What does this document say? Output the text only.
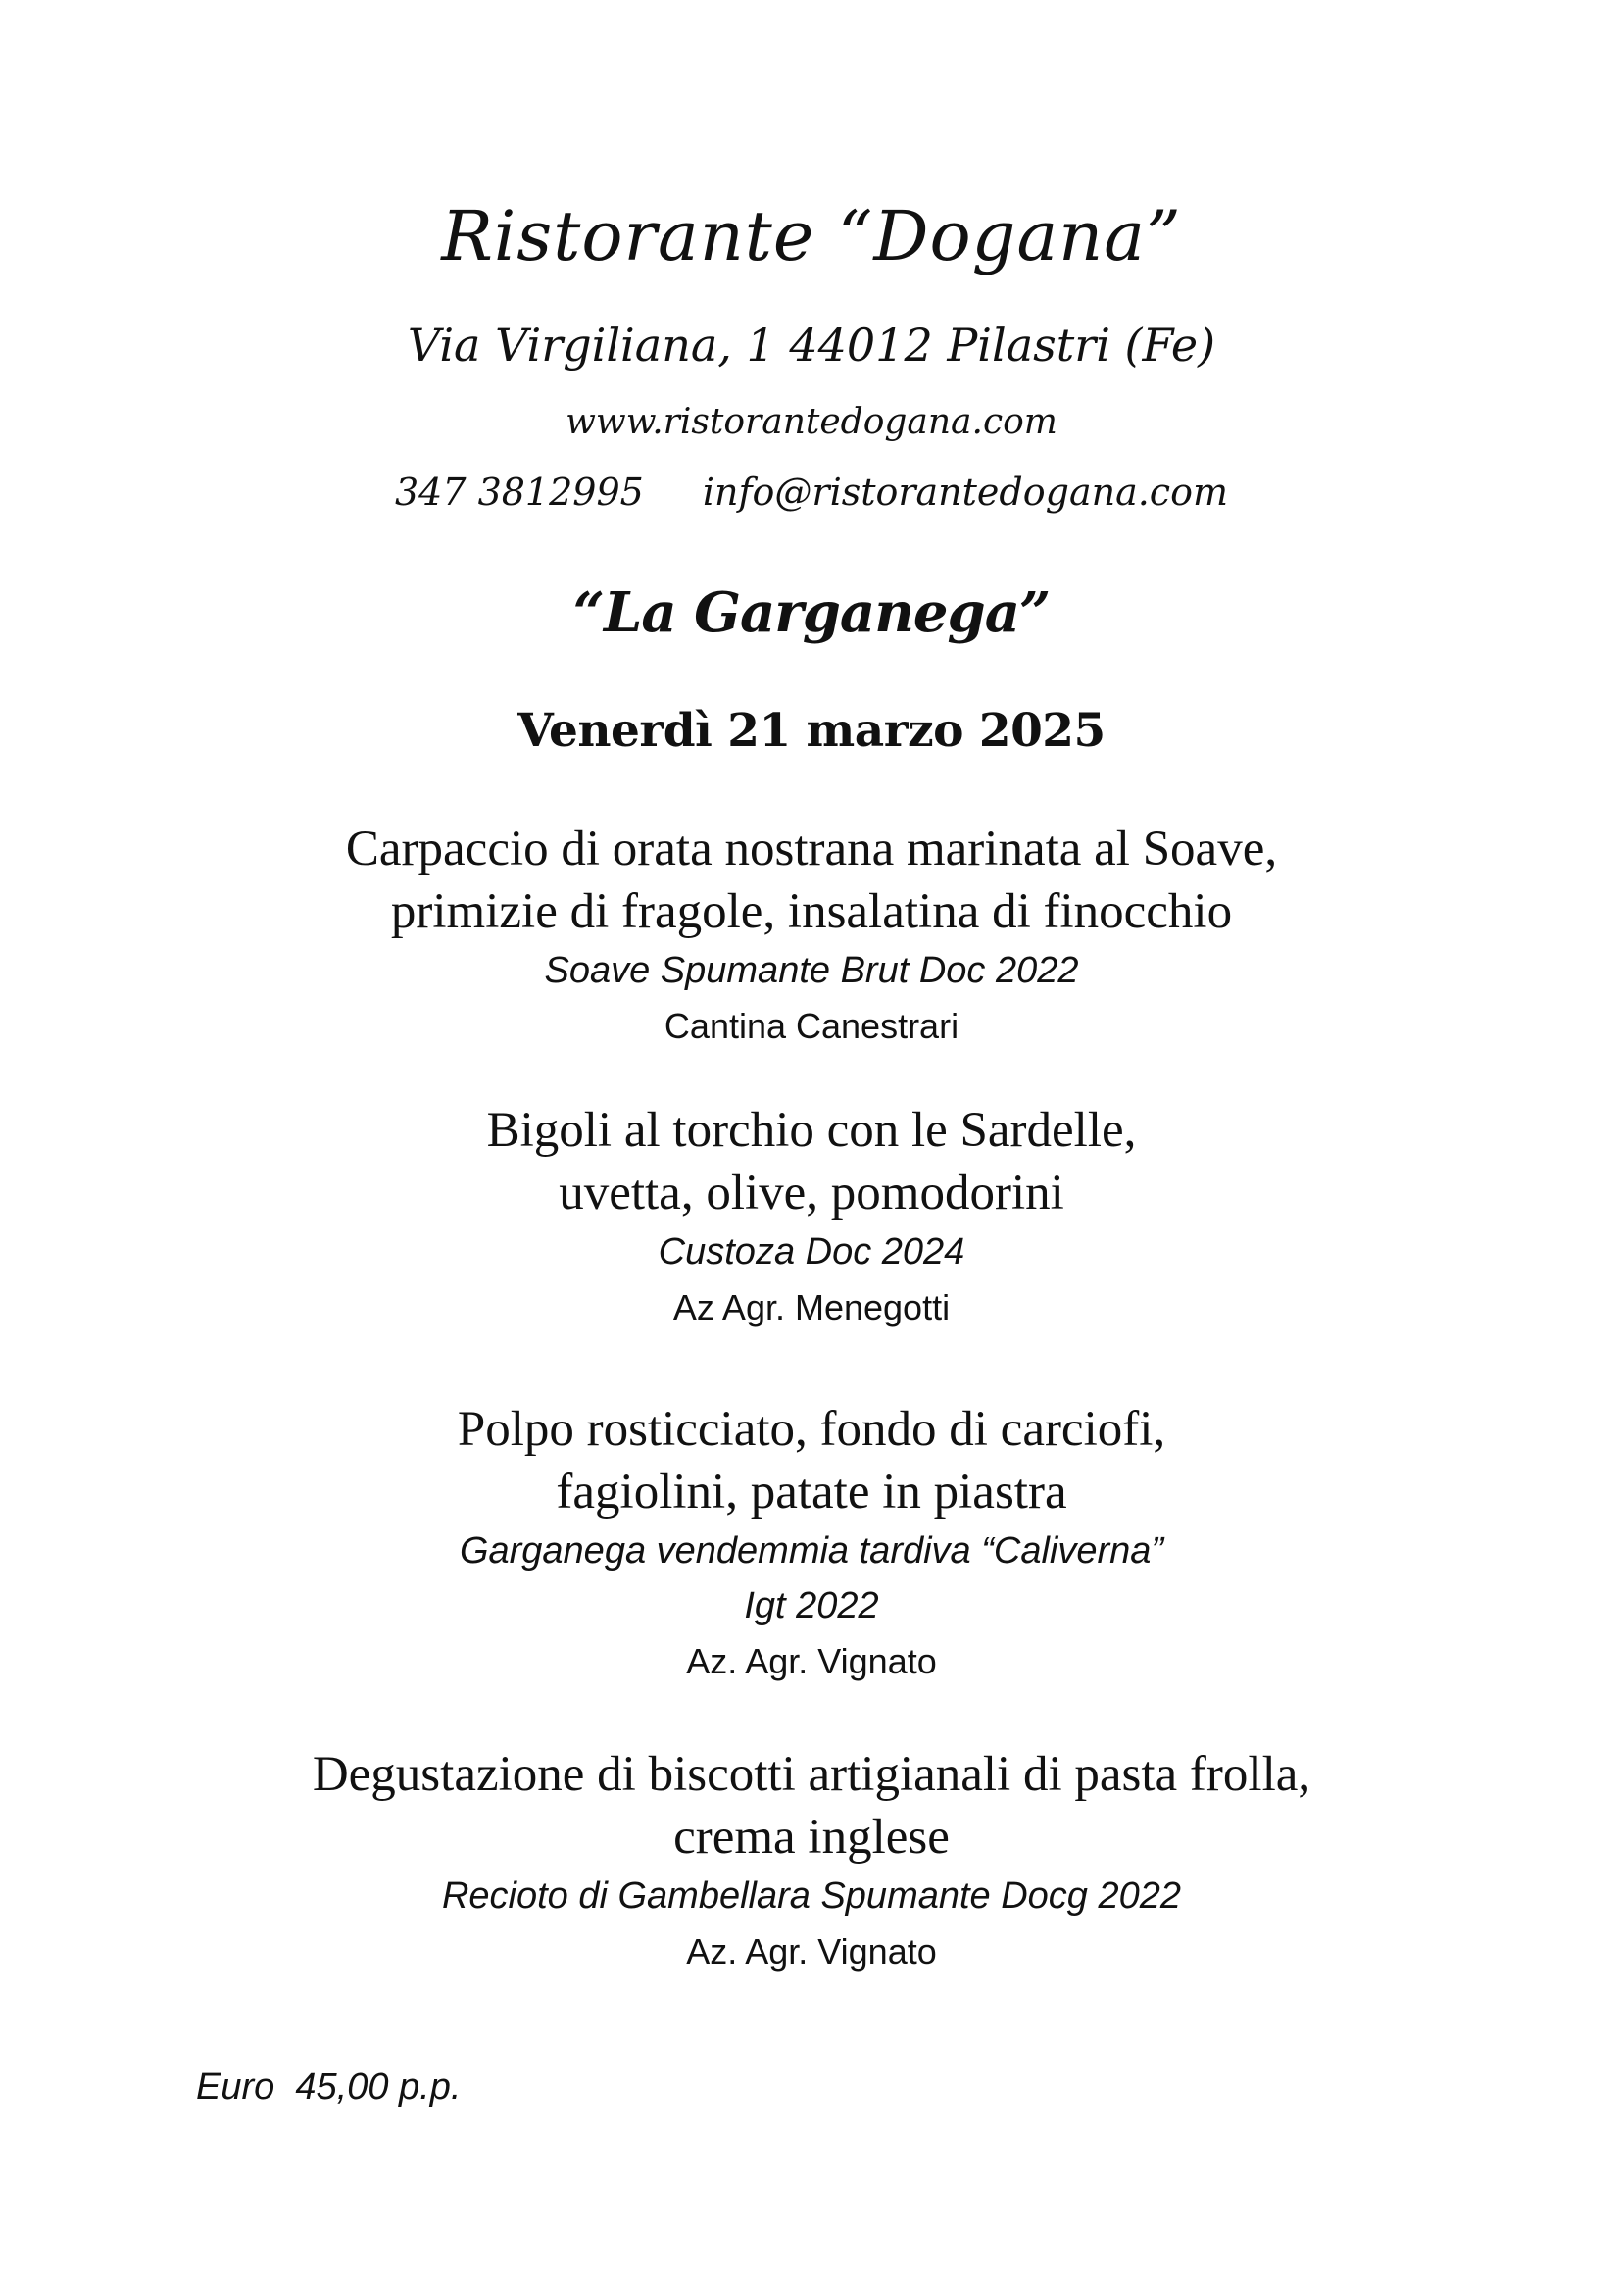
Ristorante “Dogana”
Via Virgiliana, 1 44012 Pilastri (Fe)
www.ristorantedogana.com
347 3812995 info@ristorantedogana.com
“La Garganega”
Venerdì 21 marzo 2025
Carpaccio di orata nostrana marinata al Soave,
primizie di fragole, insalatina di finocchio
Soave Spumante Brut Doc 2022
Cantina Canestrari
Bigoli al torchio con le Sardelle,
uvetta, olive, pomodorini
Custoza Doc 2024
Az Agr. Menegotti
Polpo rosticciato, fondo di carciofi,
fagiolini, patate in piastra
Garganega vendemmia tardiva “Caliverna”
Igt 2022
Az. Agr. Vignato
Degustazione di biscotti artigianali di pasta frolla,
crema inglese
Recioto di Gambellara Spumante Docg 2022
Az. Agr. Vignato
Euro  45,00 p.p.
